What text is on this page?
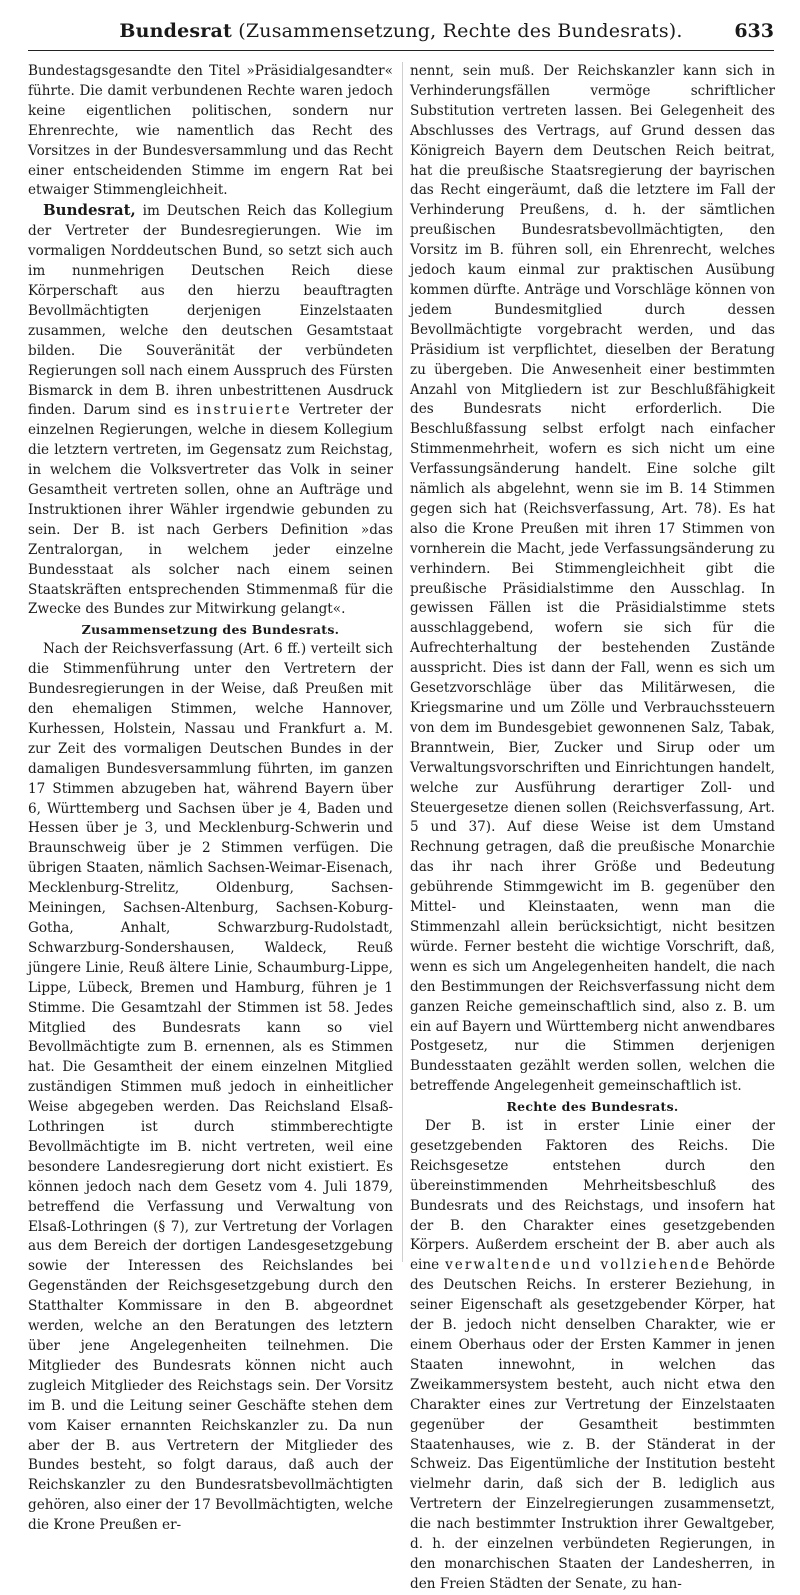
Bundesrat (Zusammensetzung, Rechte des Bundesrats).	633

Bundestagsgesandte den Titel »Präsidialgesandter« führte. Die damit verbundenen Rechte waren jedoch keine eigentlichen politischen, sondern nur Ehrenrechte, wie namentlich das Recht des Vorsitzes in der Bundesversammlung und das Recht einer entscheidenden Stimme im engern Rat bei etwaiger Stimmengleichheit.

Bundesrat, im Deutschen Reich das Kollegium der Vertreter der Bundesregierungen. Wie im vormaligen Norddeutschen Bund, so setzt sich auch im nunmehrigen Deutschen Reich diese Körperschaft aus den hierzu beauftragten Bevollmächtigten derjenigen Einzelstaaten zusammen, welche den deutschen Gesamtstaat bilden. Die Souveränität der verbündeten Regierungen soll nach einem Ausspruch des Fürsten Bismarck in dem B. ihren unbestrittenen Ausdruck finden. Darum sind es instruierte Vertreter der einzelnen Regierungen, welche in diesem Kollegium die letztern vertreten, im Gegensatz zum Reichstag, in welchem die Volksvertreter das Volk in seiner Gesamtheit vertreten sollen, ohne an Aufträge und Instruktionen ihrer Wähler irgendwie gebunden zu sein. Der B. ist nach Gerbers Definition »das Zentralorgan, in welchem jeder einzelne Bundesstaat als solcher nach einem seinen Staatskräften entsprechenden Stimmenmaß für die Zwecke des Bundes zur Mitwirkung gelangt«.

Zusammensetzung des Bundesrats.

Nach der Reichsverfassung (Art. 6 ff.) verteilt sich die Stimmenführung unter den Vertretern der Bundesregierungen in der Weise, daß Preußen mit den ehemaligen Stimmen, welche Hannover, Kurhessen, Holstein, Nassau und Frankfurt a. M. zur Zeit des vormaligen Deutschen Bundes in der damaligen Bundesversammlung führten, im ganzen 17 Stimmen abzugeben hat, während Bayern über 6, Württemberg und Sachsen über je 4, Baden und Hessen über je 3, und Mecklenburg-Schwerin und Braunschweig über je 2 Stimmen verfügen. Die übrigen Staaten, nämlich Sachsen-Weimar-Eisenach, Mecklenburg-Strelitz, Oldenburg, Sachsen-Meiningen, Sachsen-Altenburg, Sachsen-Koburg-Gotha, Anhalt, Schwarzburg-Rudolstadt, Schwarzburg-Sondershausen, Waldeck, Reuß jüngere Linie, Reuß ältere Linie, Schaumburg-Lippe, Lippe, Lübeck, Bremen und Hamburg, führen je 1 Stimme. Die Gesamtzahl der Stimmen ist 58. Jedes Mitglied des Bundesrats kann so viel Bevollmächtigte zum B. ernennen, als es Stimmen hat. Die Gesamtheit der einem einzelnen Mitglied zuständigen Stimmen muß jedoch in einheitlicher Weise abgegeben werden. Das Reichsland Elsaß-Lothringen ist durch stimmberechtigte Bevollmächtigte im B. nicht vertreten, weil eine besondere Landesregierung dort nicht existiert. Es können jedoch nach dem Gesetz vom 4. Juli 1879, betreffend die Verfassung und Verwaltung von Elsaß-Lothringen (§ 7), zur Vertretung der Vorlagen aus dem Bereich der dortigen Landesgesetzgebung sowie der Interessen des Reichslandes bei Gegenständen der Reichsgesetzgebung durch den Statthalter Kommissare in den B. abgeordnet werden, welche an den Beratungen des letztern über jene Angelegenheiten teilnehmen. Die Mitglieder des Bundesrats können nicht auch zugleich Mitglieder des Reichstags sein. Der Vorsitz im B. und die Leitung seiner Geschäfte stehen dem vom Kaiser ernannten Reichskanzler zu. Da nun aber der B. aus Vertretern der Mitglieder des Bundes besteht, so folgt daraus, daß auch der Reichskanzler zu den Bundesratsbevollmächtigten gehören, also einer der 17 Bevollmächtigten, welche die Krone Preußen er-

nennt, sein muß. Der Reichskanzler kann sich in Verhinderungsfällen vermöge schriftlicher Substitution vertreten lassen. Bei Gelegenheit des Abschlusses des Vertrags, auf Grund dessen das Königreich Bayern dem Deutschen Reich beitrat, hat die preußische Staatsregierung der bayrischen das Recht eingeräumt, daß die letztere im Fall der Verhinderung Preußens, d. h. der sämtlichen preußischen Bundesratsbevollmächtigten, den Vorsitz im B. führen soll, ein Ehrenrecht, welches jedoch kaum einmal zur praktischen Ausübung kommen dürfte. Anträge und Vorschläge können von jedem Bundesmitglied durch dessen Bevollmächtigte vorgebracht werden, und das Präsidium ist verpflichtet, dieselben der Beratung zu übergeben. Die Anwesenheit einer bestimmten Anzahl von Mitgliedern ist zur Beschlußfähigkeit des Bundesrats nicht erforderlich. Die Beschlußfassung selbst erfolgt nach einfacher Stimmenmehrheit, wofern es sich nicht um eine Verfassungsänderung handelt. Eine solche gilt nämlich als abgelehnt, wenn sie im B. 14 Stimmen gegen sich hat (Reichsverfassung, Art. 78). Es hat also die Krone Preußen mit ihren 17 Stimmen von vornherein die Macht, jede Verfassungsänderung zu verhindern. Bei Stimmengleichheit gibt die preußische Präsidialstimme den Ausschlag. In gewissen Fällen ist die Präsidialstimme stets ausschlaggebend, wofern sie sich für die Aufrechterhaltung der bestehenden Zustände ausspricht. Dies ist dann der Fall, wenn es sich um Gesetzvorschläge über das Militärwesen, die Kriegsmarine und um Zölle und Verbrauchssteuern von dem im Bundesgebiet gewonnenen Salz, Tabak, Branntwein, Bier, Zucker und Sirup oder um Verwaltungsvorschriften und Einrichtungen handelt, welche zur Ausführung derartiger Zoll- und Steuergesetze dienen sollen (Reichsverfassung, Art. 5 und 37). Auf diese Weise ist dem Umstand Rechnung getragen, daß die preußische Monarchie das ihr nach ihrer Größe und Bedeutung gebührende Stimmgewicht im B. gegenüber den Mittel- und Kleinstaaten, wenn man die Stimmenzahl allein berücksichtigt, nicht besitzen würde. Ferner besteht die wichtige Vorschrift, daß, wenn es sich um Angelegenheiten handelt, die nach den Bestimmungen der Reichsverfassung nicht dem ganzen Reiche gemeinschaftlich sind, also z. B. um ein auf Bayern und Württemberg nicht anwendbares Postgesetz, nur die Stimmen derjenigen Bundesstaaten gezählt werden sollen, welchen die betreffende Angelegenheit gemeinschaftlich ist.

Rechte des Bundesrats.

Der B. ist in erster Linie einer der gesetzgebenden Faktoren des Reichs. Die Reichsgesetze entstehen durch den übereinstimmenden Mehrheitsbeschluß des Bundesrats und des Reichstags, und insofern hat der B. den Charakter eines gesetzgebenden Körpers. Außerdem erscheint der B. aber auch als eine verwaltende und vollziehende Behörde des Deutschen Reichs. In ersterer Beziehung, in seiner Eigenschaft als gesetzgebender Körper, hat der B. jedoch nicht denselben Charakter, wie er einem Oberhaus oder der Ersten Kammer in jenen Staaten innewohnt, in welchen das Zweikammersystem besteht, auch nicht etwa den Charakter eines zur Vertretung der Einzelstaaten gegenüber der Gesamtheit bestimmten Staatenhauses, wie z. B. der Ständerat in der Schweiz. Das Eigentümliche der Institution besteht vielmehr darin, daß sich der B. lediglich aus Vertretern der Einzelregierungen zusammensetzt, die nach bestimmter Instruktion ihrer Gewaltgeber, d. h. der einzelnen verbündeten Regierungen, in den monarchischen Staaten der Landesherren, in den Freien Städten der Senate, zu han-
